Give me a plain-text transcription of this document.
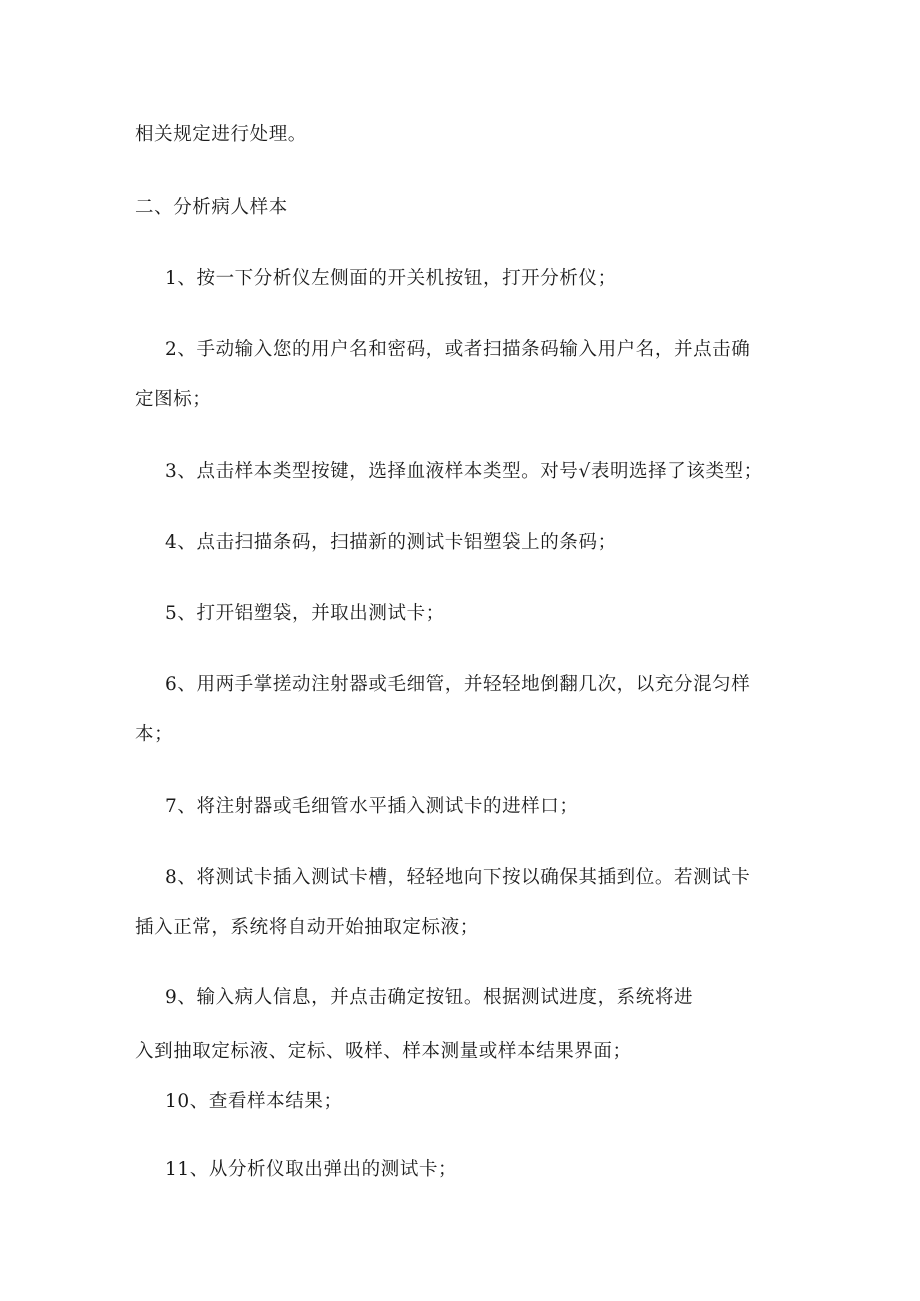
相关规定进行处理。
二、分析病人样本
1、按一下分析仪左侧面的开关机按钮，打开分析仪；
2、手动输入您的用户名和密码，或者扫描条码输入用户名，并点击确
定图标；
3、点击样本类型按键，选择血液样本类型。对号√表明选择了该类型；
4、点击扫描条码，扫描新的测试卡铝塑袋上的条码；
5、打开铝塑袋，并取出测试卡；
6、用两手掌搓动注射器或毛细管，并轻轻地倒翻几次，以充分混匀样
本；
7、将注射器或毛细管水平插入测试卡的进样口；
8、将测试卡插入测试卡槽，轻轻地向下按以确保其插到位。若测试卡
插入正常，系统将自动开始抽取定标液；
9、输入病人信息，并点击确定按钮。根据测试进度，系统将进
入到抽取定标液、定标、吸样、样本测量或样本结果界面；
10、查看样本结果；
11、从分析仪取出弹出的测试卡；
